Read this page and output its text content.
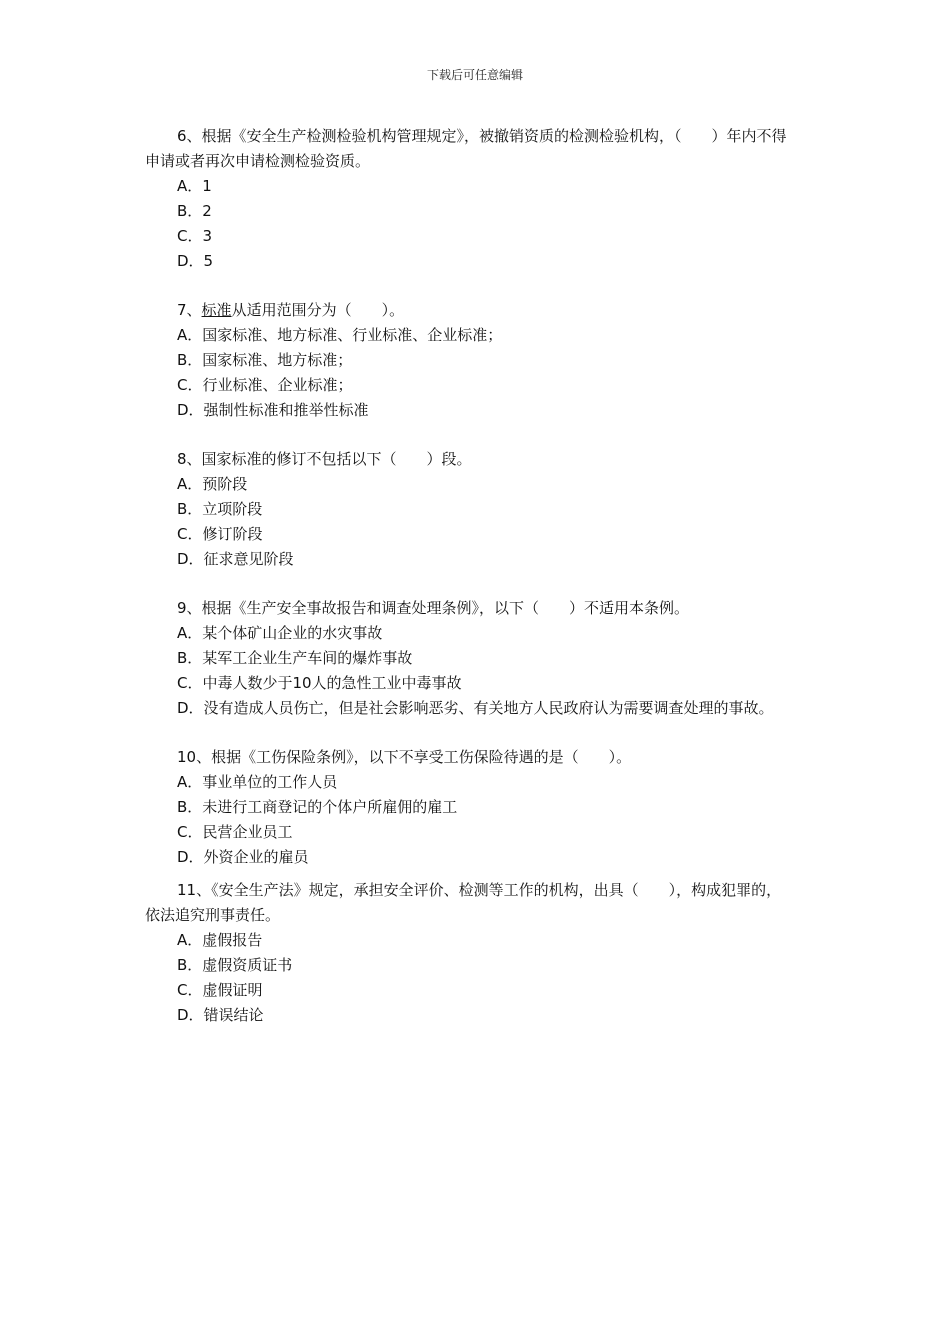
下载后可任意编辑

6、根据《安全生产检测检验机构管理规定》，被撤销资质的检测检验机构，（　　）年内不得申请或者再次申请检测检验资质。

A．1

B．2

C．3

D．5

7、标准从适用范围分为（　　）。

A．国家标准、地方标准、行业标准、企业标准；

B．国家标准、地方标准；

C．行业标准、企业标准；

D．强制性标准和推举性标准

8、国家标准的修订不包括以下（　　）段。

A．预阶段

B．立项阶段

C．修订阶段

D．征求意见阶段

9、根据《生产安全事故报告和调查处理条例》，以下（　　）不适用本条例。

A．某个体矿山企业的水灾事故

B．某军工企业生产车间的爆炸事故

C．中毒人数少于10人的急性工业中毒事故

D．没有造成人员伤亡，但是社会影响恶劣、有关地方人民政府认为需要调查处理的事故。

10、根据《工伤保险条例》，以下不享受工伤保险待遇的是（　　）。

A．事业单位的工作人员

B．未进行工商登记的个体户所雇佣的雇工

C．民营企业员工

D．外资企业的雇员

11、《安全生产法》规定，承担安全评价、检测等工作的机构，出具（　　），构成犯罪的，依法追究刑事责任。

A．虚假报告

B．虚假资质证书

C．虚假证明

D．错误结论
